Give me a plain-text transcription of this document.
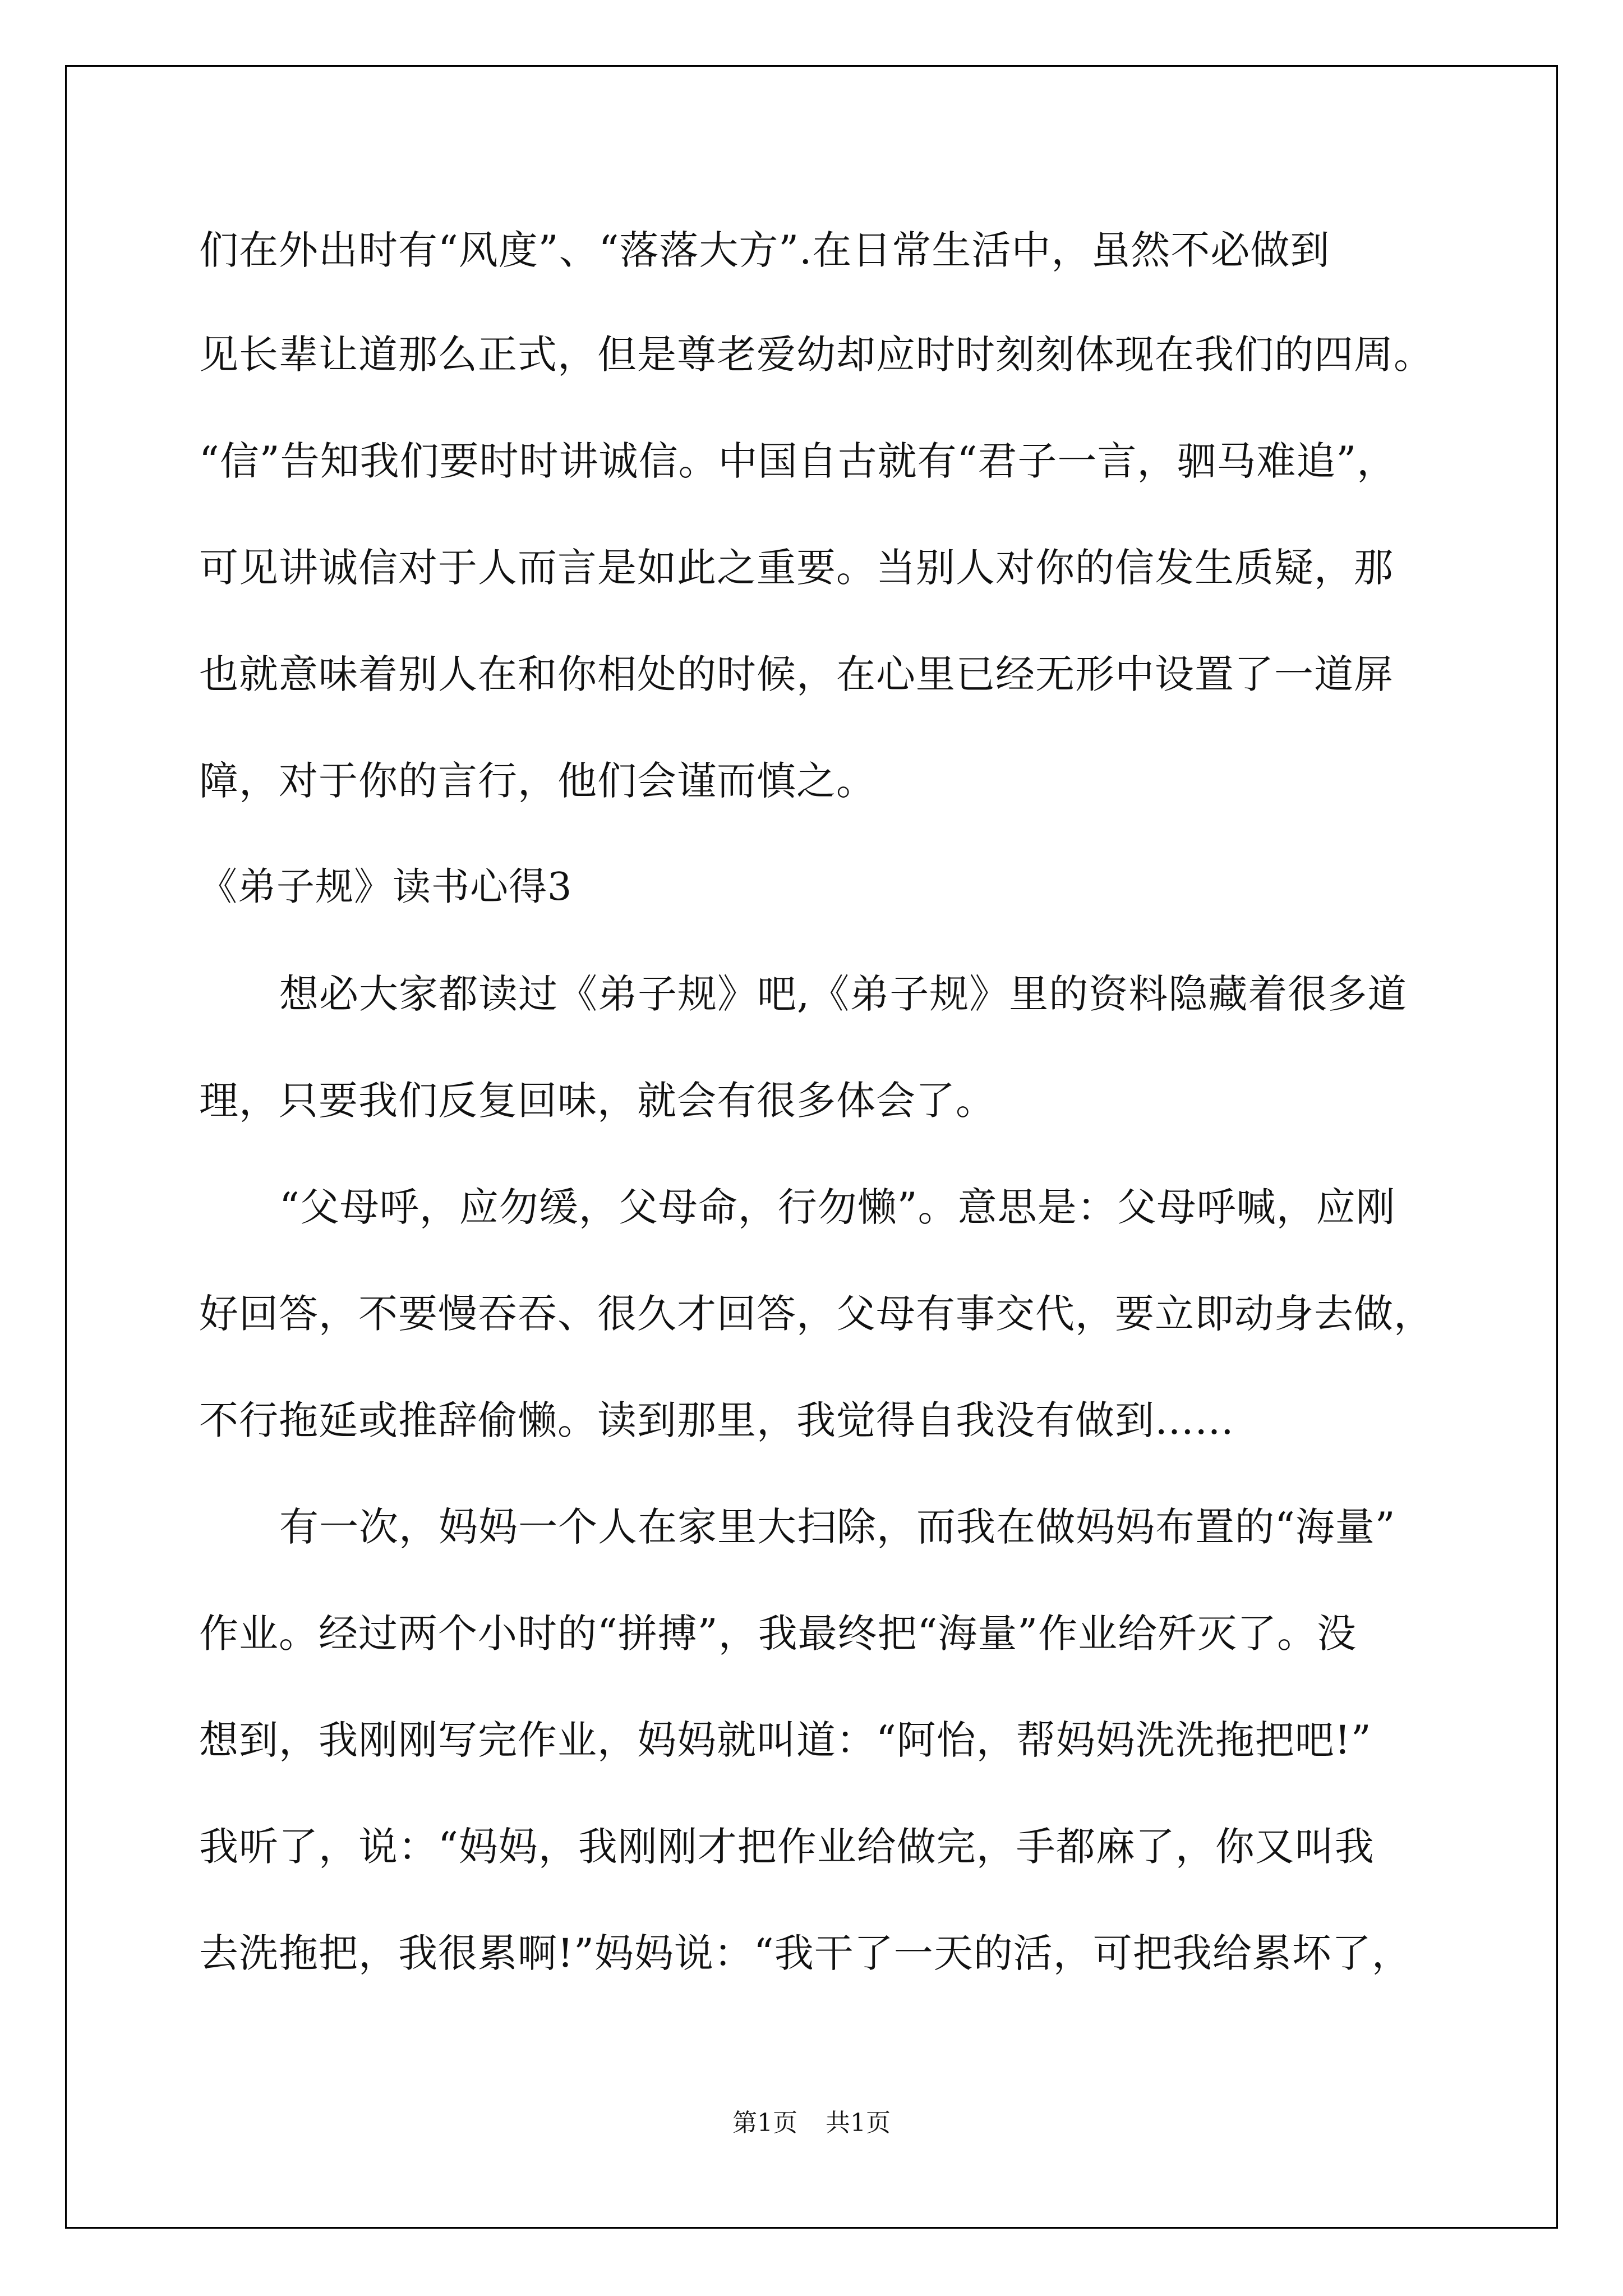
们在外出时有“风度”、“落落大方”.在日常生活中，虽然不必做到
见长辈让道那么正式，但是尊老爱幼却应时时刻刻体现在我们的四周。
“信”告知我们要时时讲诚信。中国自古就有“君子一言，驷马难追”，
可见讲诚信对于人而言是如此之重要。当别人对你的信发生质疑，那
也就意味着别人在和你相处的时候，在心里已经无形中设置了一道屏
障，对于你的言行，他们会谨而慎之。
《弟子规》读书心得3
想必大家都读过《弟子规》吧,《弟子规》里的资料隐藏着很多道
理，只要我们反复回味，就会有很多体会了。
“父母呼，应勿缓，父母命，行勿懒”。意思是：父母呼喊，应刚
好回答，不要慢吞吞、很久才回答，父母有事交代，要立即动身去做，
不行拖延或推辞偷懒。读到那里，我觉得自我没有做到……
有一次，妈妈一个人在家里大扫除，而我在做妈妈布置的“海量”
作业。经过两个小时的“拼搏”，我最终把“海量”作业给歼灭了。没
想到，我刚刚写完作业，妈妈就叫道：“阿怡，帮妈妈洗洗拖把吧!”
我听了，说：“妈妈，我刚刚才把作业给做完，手都麻了，你又叫我
去洗拖把，我很累啊!”妈妈说：“我干了一天的活，可把我给累坏了，
第1页 共1页
